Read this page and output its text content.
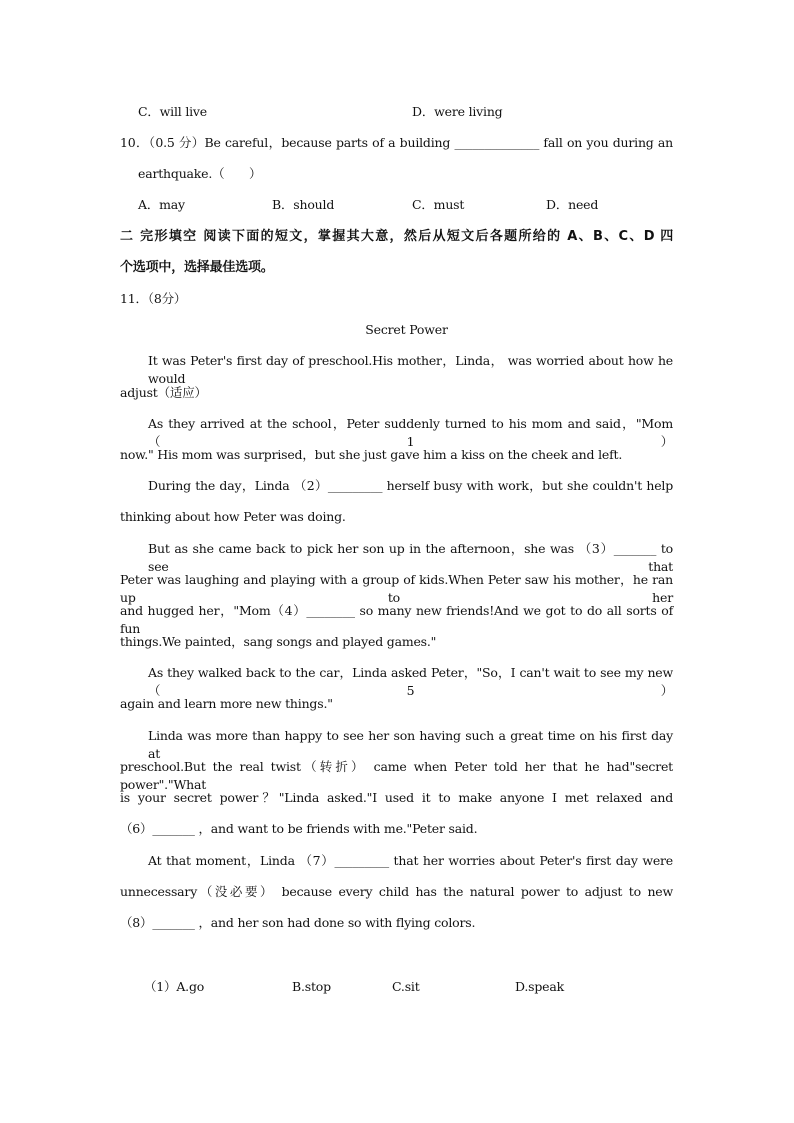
C．will live	D．were living
10．（0.5 分）Be careful，because parts of a building ______________ fall on you during an
earthquake.（　　）
A．may	B．should	C．must	D．need
二 完形填空 阅读下面的短文，掌握其大意，然后从短文后各题所给的 A、B、C、D 四
个选项中，选择最佳选项。
11．（8分）
Secret Power
It was Peter's first day of preschool.His mother，Linda， was worried about how he would
adjust（适应）
As they arrived at the school，Peter suddenly turned to his mom and said，"Mom（1）
now." His mom was surprised，but she just gave him a kiss on the cheek and left.
During the day，Linda （2）_________ herself busy with work，but she couldn't help
thinking about how Peter was doing.
But as she came back to pick her son up in the afternoon，she was （3）_______ to see that
Peter was laughing and playing with a group of kids.When Peter saw his mother，he ran up to her
and hugged her，"Mom（4）________ so many new friends!And we got to do all sorts of fun
things.We painted，sang songs and played games."
As they walked back to the car，Linda asked Peter，"So，I can't wait to see my new （5）
again and learn more new things."
Linda was more than happy to see her son having such a great time on his first day at
preschool.But the real twist（转折） came when Peter told her that he had"secret power"."What
is your secret power？"Linda asked."I used it to make anyone I met relaxed and
（6）_______ ，and want to be friends with me."Peter said.
At that moment，Linda （7）_________ that her worries about Peter's first day were
unnecessary（没必要） because every child has the natural power to adjust to new
（8）_______ ，and her son had done so with flying colors.
（1）A.go	B.stop	C.sit	D.speak
